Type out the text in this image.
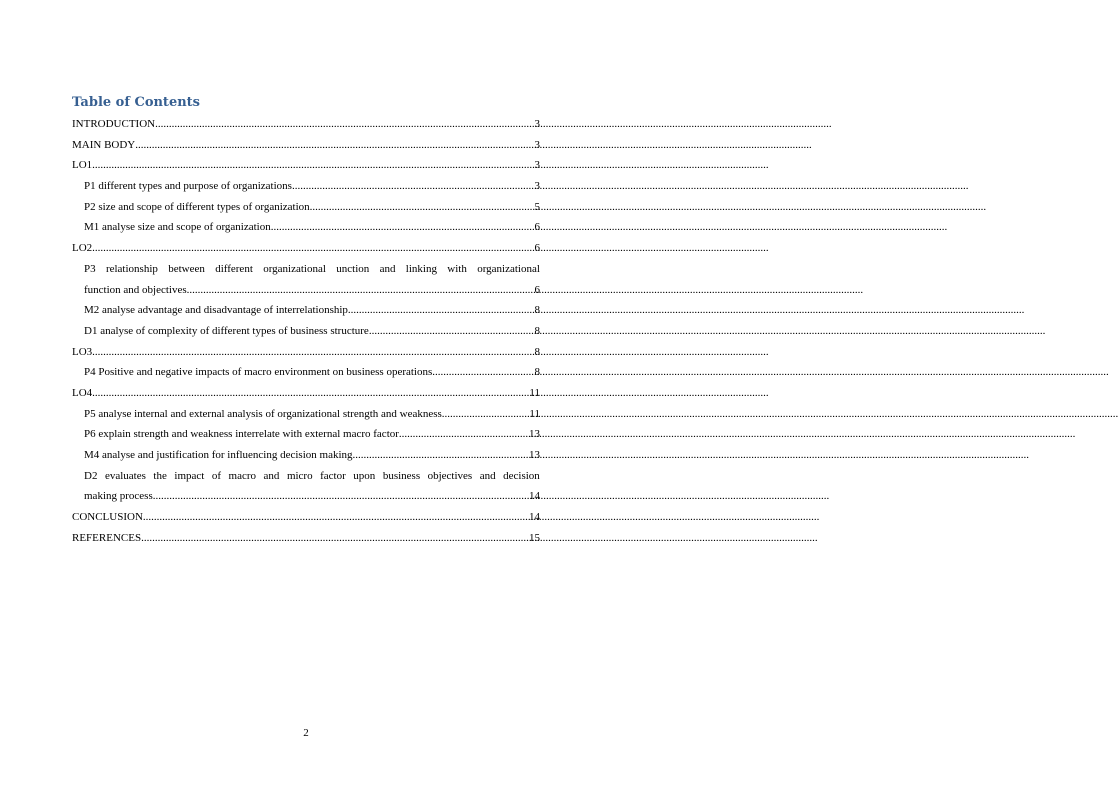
Table of Contents
INTRODUCTION .....	3
MAIN BODY .....	3
LO1 .....	3
P1 different types and purpose of organizations .....	3
P2 size and scope of different types of organization .....	5
M1 analyse size and scope of organization .....	6
LO2 .....	6
P3 relationship between different organizational unction and linking with organizational
function and objectives .....	6
M2 analyse advantage and disadvantage of interrelationship .....	8
D1 analyse of complexity of different types of business structure .....	8
LO3 .....	8
P4 Positive and negative impacts of macro environment on business operations .....	8
LO4 .....	11
P5 analyse internal and external analysis of organizational strength and weakness .....	11
P6 explain strength and weakness interrelate with external macro factor .....	13
M4 analyse and justification for influencing decision making .....	13
D2 evaluates the impact of macro and micro factor upon business objectives and decision
making process .....	14
CONCLUSION .....	14
REFERENCES .....	15
2
